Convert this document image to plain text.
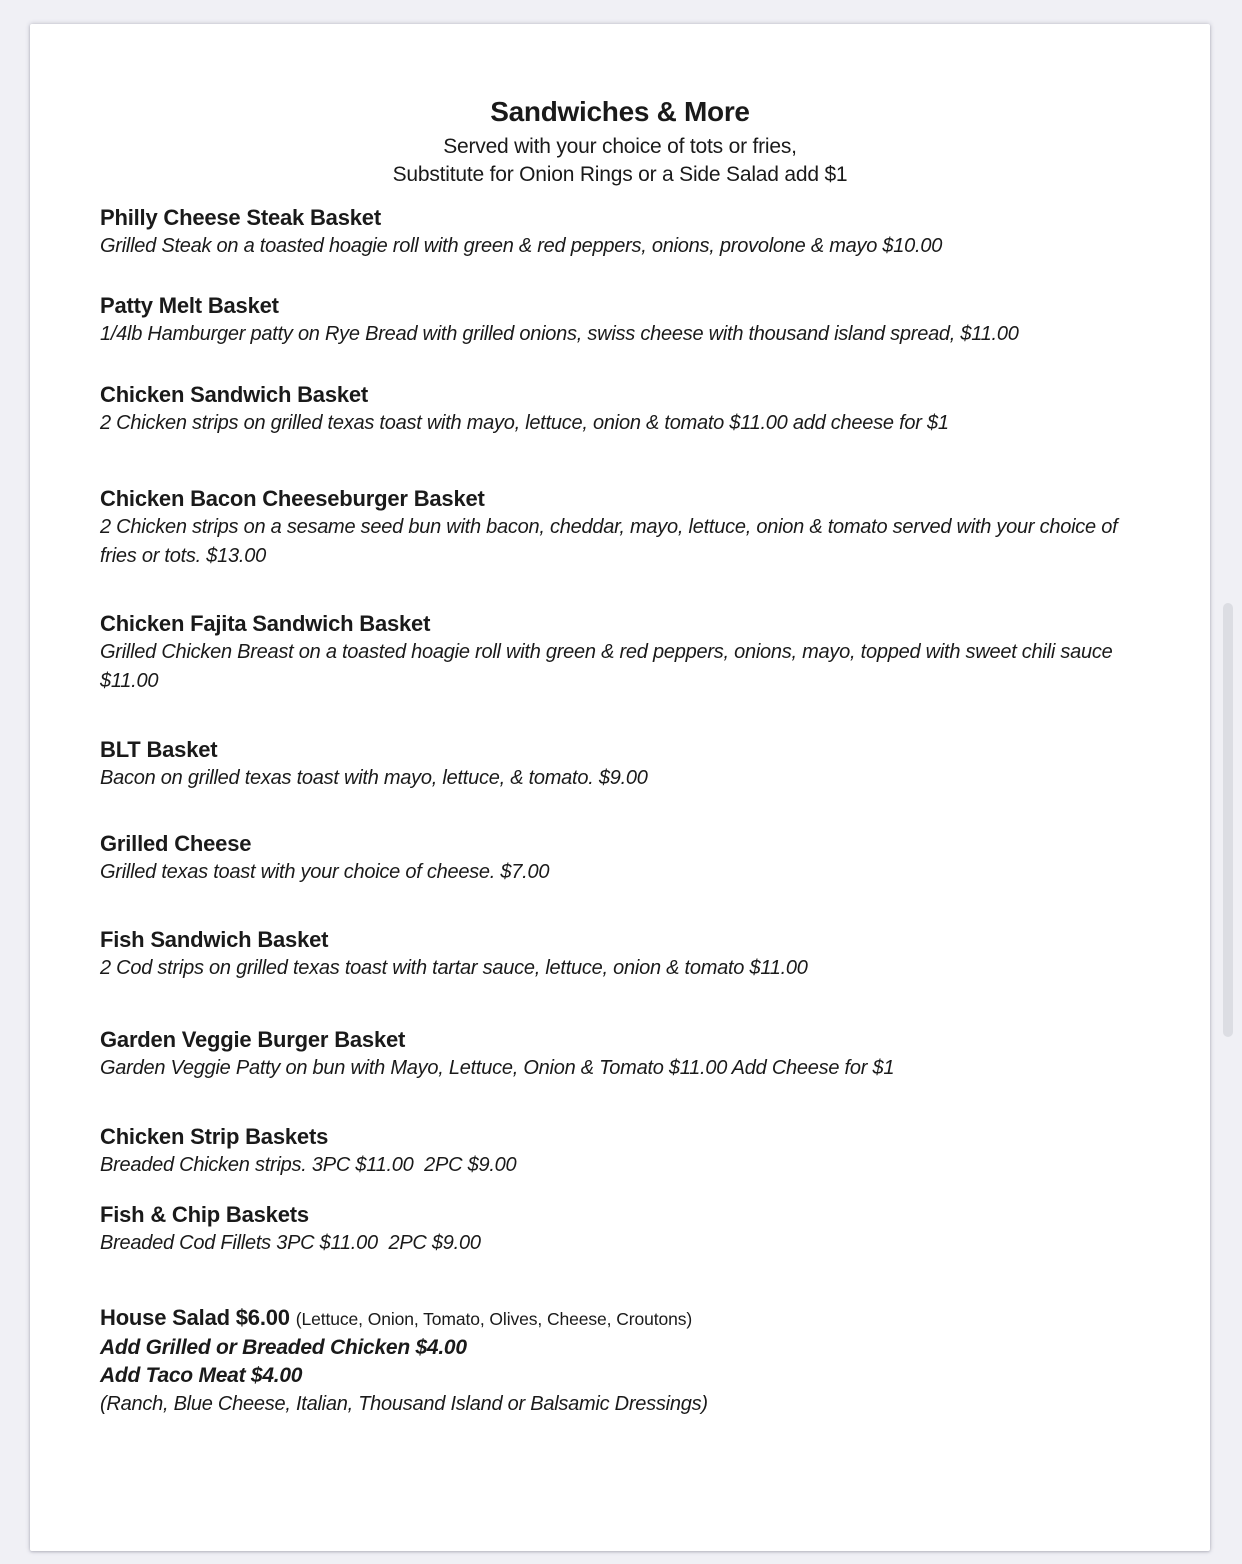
Sandwiches & More

Served with your choice of tots or fries,

Substitute for Onion Rings or a Side Salad add $1

Philly Cheese Steak Basket

Grilled Steak on a toasted hoagie roll with green & red peppers, onions, provolone & mayo $10.00

Patty Melt Basket

1/4lb Hamburger patty on Rye Bread with grilled onions, swiss cheese with thousand island spread, $11.00

Chicken Sandwich Basket

2 Chicken strips on grilled texas toast with mayo, lettuce, onion & tomato $11.00 add cheese for $1

Chicken Bacon Cheeseburger Basket

2 Chicken strips on a sesame seed bun with bacon, cheddar, mayo, lettuce, onion & tomato served with your choice of fries or tots. $13.00

Chicken Fajita Sandwich Basket

Grilled Chicken Breast on a toasted hoagie roll with green & red peppers, onions, mayo, topped with sweet chili sauce $11.00

BLT Basket

Bacon on grilled texas toast with mayo, lettuce, & tomato. $9.00

Grilled Cheese

Grilled texas toast with your choice of cheese. $7.00

Fish Sandwich Basket

2 Cod strips on grilled texas toast with tartar sauce, lettuce, onion & tomato $11.00

Garden Veggie Burger Basket

Garden Veggie Patty on bun with Mayo, Lettuce, Onion & Tomato $11.00 Add Cheese for $1

Chicken Strip Baskets

Breaded Chicken strips. 3PC $11.00  2PC $9.00

Fish & Chip Baskets

Breaded Cod Fillets 3PC $11.00  2PC $9.00

House Salad $6.00 (Lettuce, Onion, Tomato, Olives, Cheese, Croutons)

Add Grilled or Breaded Chicken $4.00

Add Taco Meat $4.00

(Ranch, Blue Cheese, Italian, Thousand Island or Balsamic Dressings)
